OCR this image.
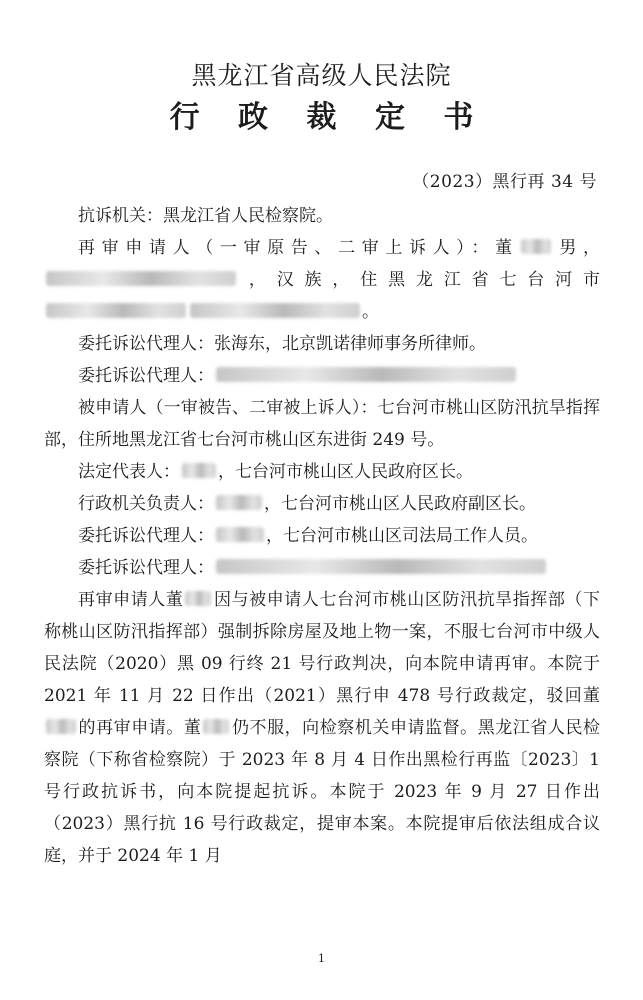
黑龙江省高级人民法院
行 政 裁 定 书
（2023）黑行再 34 号

抗诉机关：黑龙江省人民检察院。

再审申请人（一审原告、二审上诉人）：董 男，，汉族，住黑龙江省七台河市。

委托诉讼代理人：张海东，北京凯诺律师事务所律师。

委托诉讼代理人：

被申请人（一审被告、二审被上诉人）：七台河市桃山区防汛抗旱指挥部，住所地黑龙江省七台河市桃山区东进街 249 号。

法定代表人： ，七台河市桃山区人民政府区长。

行政机关负责人：	，七台河市桃山区人民政府副区长。

委托诉讼代理人：	，七台河市桃山区司法局工作人员。

委托诉讼代理人：

再审申请人董 因与被申请人七台河市桃山区防汛抗旱指挥部（下称桃山区防汛指挥部）强制拆除房屋及地上物一案，不服七台河市中级人民法院（2020）黑 09 行终 21 号行政判决，向本院申请再审。本院于 2021 年 11 月 22 日作出（2021）黑行申 478 号行政裁定，驳回董的再审申请。董 仍不服，向检察机关申请监督。黑龙江省人民检察院（下称省检察院）于 2023 年 8 月 4 日作出黑检行再监〔2023〕1 号行政抗诉书，向本院提起抗诉。本院于 2023 年 9 月 27 日作出（2023）黑行抗 16 号行政裁定，提审本案。本院提审后依法组成合议庭，并于 2024 年 1 月

1
